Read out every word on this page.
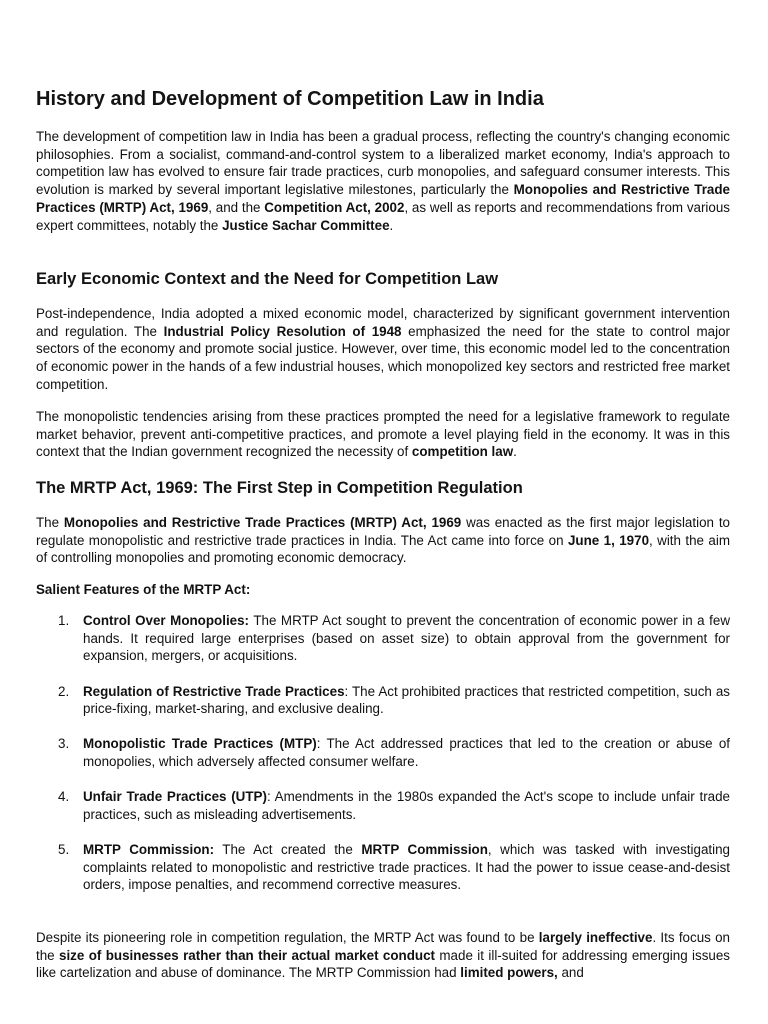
History and Development of Competition Law in India
The development of competition law in India has been a gradual process, reflecting the country's changing economic philosophies. From a socialist, command-and-control system to a liberalized market economy, India's approach to competition law has evolved to ensure fair trade practices, curb monopolies, and safeguard consumer interests. This evolution is marked by several important legislative milestones, particularly the Monopolies and Restrictive Trade Practices (MRTP) Act, 1969, and the Competition Act, 2002, as well as reports and recommendations from various expert committees, notably the Justice Sachar Committee.
Early Economic Context and the Need for Competition Law
Post-independence, India adopted a mixed economic model, characterized by significant government intervention and regulation. The Industrial Policy Resolution of 1948 emphasized the need for the state to control major sectors of the economy and promote social justice. However, over time, this economic model led to the concentration of economic power in the hands of a few industrial houses, which monopolized key sectors and restricted free market competition.
The monopolistic tendencies arising from these practices prompted the need for a legislative framework to regulate market behavior, prevent anti-competitive practices, and promote a level playing field in the economy. It was in this context that the Indian government recognized the necessity of competition law.
The MRTP Act, 1969: The First Step in Competition Regulation
The Monopolies and Restrictive Trade Practices (MRTP) Act, 1969 was enacted as the first major legislation to regulate monopolistic and restrictive trade practices in India. The Act came into force on June 1, 1970, with the aim of controlling monopolies and promoting economic democracy.
Salient Features of the MRTP Act:
1. Control Over Monopolies: The MRTP Act sought to prevent the concentration of economic power in a few hands. It required large enterprises (based on asset size) to obtain approval from the government for expansion, mergers, or acquisitions.
2. Regulation of Restrictive Trade Practices: The Act prohibited practices that restricted competition, such as price-fixing, market-sharing, and exclusive dealing.
3. Monopolistic Trade Practices (MTP): The Act addressed practices that led to the creation or abuse of monopolies, which adversely affected consumer welfare.
4. Unfair Trade Practices (UTP): Amendments in the 1980s expanded the Act's scope to include unfair trade practices, such as misleading advertisements.
5. MRTP Commission: The Act created the MRTP Commission, which was tasked with investigating complaints related to monopolistic and restrictive trade practices. It had the power to issue cease-and-desist orders, impose penalties, and recommend corrective measures.
Despite its pioneering role in competition regulation, the MRTP Act was found to be largely ineffective. Its focus on the size of businesses rather than their actual market conduct made it ill-suited for addressing emerging issues like cartelization and abuse of dominance. The MRTP Commission had limited powers, and
